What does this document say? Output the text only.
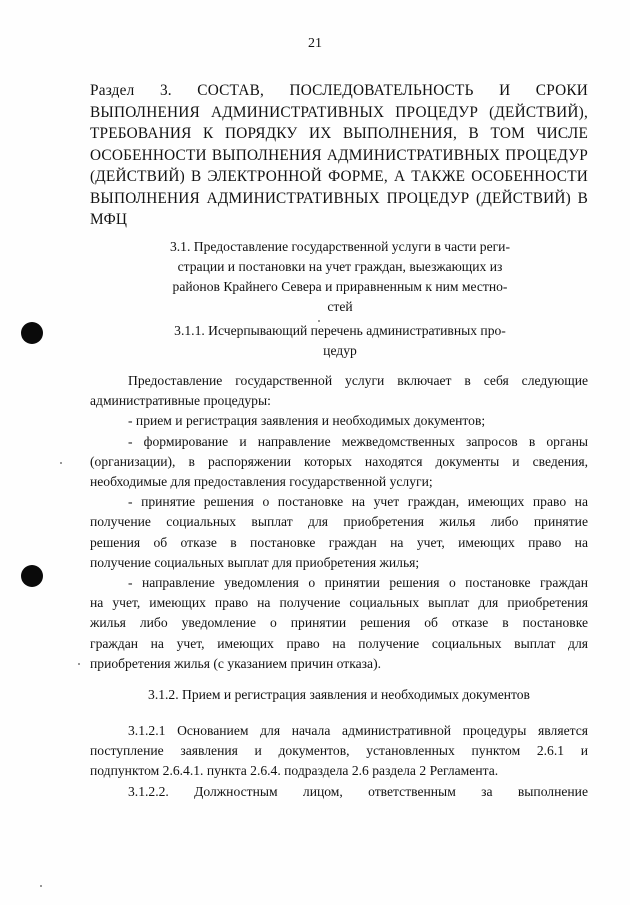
21
Раздел 3. СОСТАВ, ПОСЛЕДОВАТЕЛЬНОСТЬ И СРОКИ
ВЫПОЛНЕНИЯ АДМИНИСТРАТИВНЫХ ПРОЦЕДУР (ДЕЙСТВИЙ),
ТРЕБОВАНИЯ К ПОРЯДКУ ИХ ВЫПОЛНЕНИЯ, В ТОМ ЧИСЛЕ
ОСОБЕННОСТИ ВЫПОЛНЕНИЯ АДМИНИСТРАТИВНЫХ ПРОЦЕДУР
(ДЕЙСТВИЙ) В ЭЛЕКТРОННОЙ ФОРМЕ, А ТАКЖЕ ОСОБЕННОСТИ
ВЫПОЛНЕНИЯ АДМИНИСТРАТИВНЫХ ПРОЦЕДУР (ДЕЙСТВИЙ) В
МФЦ
3.1. Предоставление государственной услуги в части реги-
страции и постановки на учет граждан, выезжающих из
районов Крайнего Севера и приравненным к ним местно-
стей
3.1.1. Исчерпывающий перечень административных про-
цедур
Предоставление государственной услуги включает в себя следующие
административные процедуры:
- прием и регистрация заявления и необходимых документов;
- формирование и направление межведомственных запросов в органы
(организации), в распоряжении которых находятся документы и сведения,
необходимые для предоставления государственной услуги;
- принятие решения о постановке на учет граждан, имеющих право на
получение социальных выплат для приобретения жилья либо принятие
решения об отказе в постановке граждан на учет, имеющих право на
получение социальных выплат для приобретения жилья;
- направление уведомления о принятии решения о постановке граждан
на учет, имеющих право на получение социальных выплат для приобретения
жилья либо уведомление о принятии решения об отказе в постановке
граждан на учет, имеющих право на получение социальных выплат для
приобретения жилья (с указанием причин отказа).
3.1.2. Прием и регистрация заявления и необходимых документов
3.1.2.1 Основанием для начала административной процедуры является
поступление заявления и документов, установленных пунктом 2.6.1 и
подпунктом 2.6.4.1. пункта 2.6.4. подраздела 2.6 раздела 2 Регламента.
3.1.2.2. Должностным лицом, ответственным за выполнение
